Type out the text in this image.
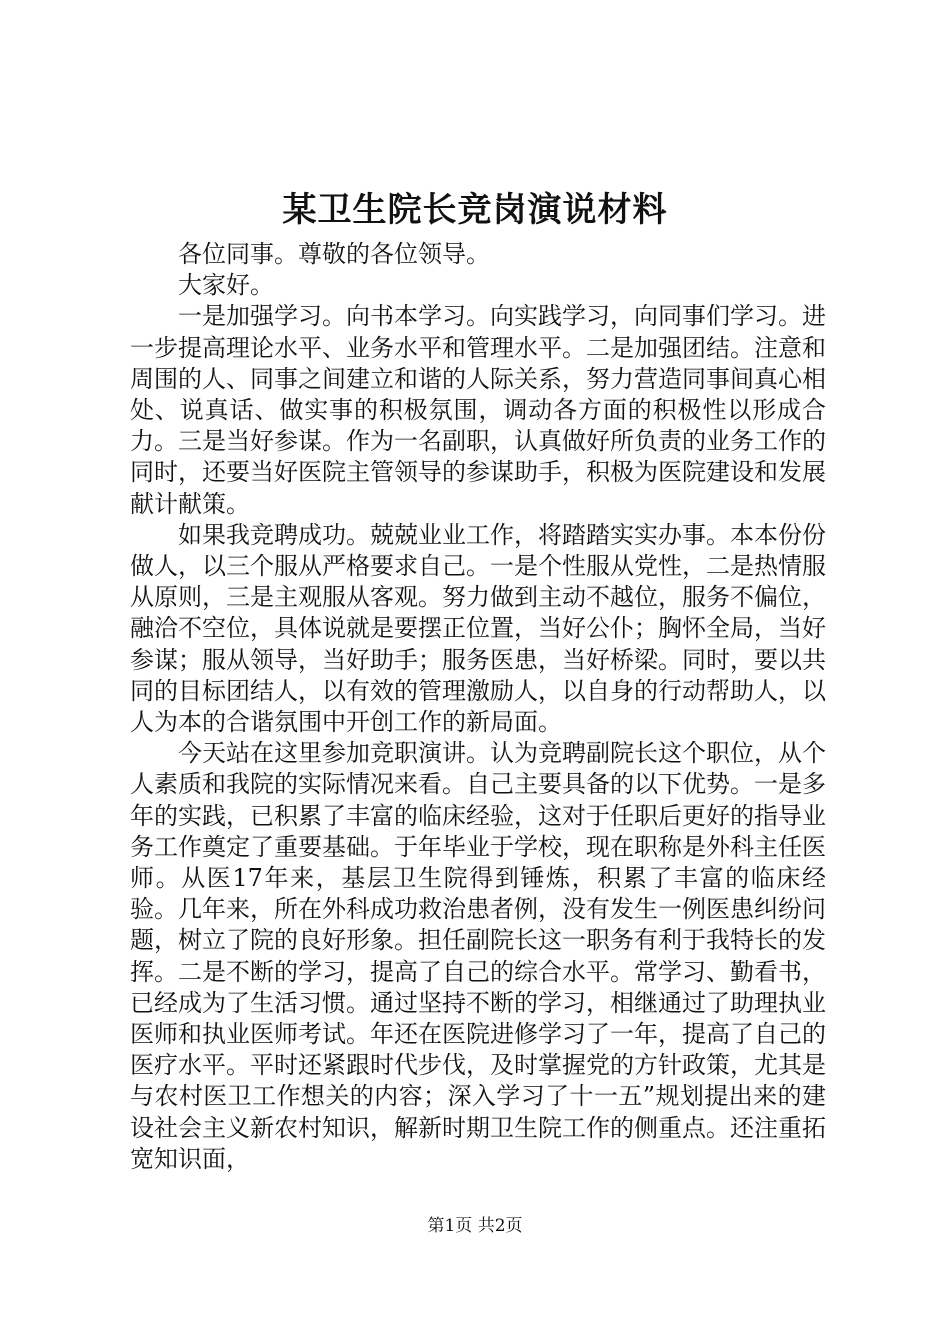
某卫生院长竞岗演说材料

各位同事。尊敬的各位领导。

大家好。

一是加强学习。向书本学习。向实践学习，向同事们学习。进一步提高理论水平、业务水平和管理水平。二是加强团结。注意和周围的人、同事之间建立和谐的人际关系，努力营造同事间真心相处、说真话、做实事的积极氛围，调动各方面的积极性以形成合力。三是当好参谋。作为一名副职，认真做好所负责的业务工作的同时，还要当好医院主管领导的参谋助手，积极为医院建设和发展献计献策。

如果我竞聘成功。兢兢业业工作，将踏踏实实办事。本本份份做人，以三个服从严格要求自己。一是个性服从党性，二是热情服从原则，三是主观服从客观。努力做到主动不越位，服务不偏位，融洽不空位，具体说就是要摆正位置，当好公仆；胸怀全局，当好参谋；服从领导，当好助手；服务医患，当好桥梁。同时，要以共同的目标团结人，以有效的管理激励人，以自身的行动帮助人，以人为本的合谐氛围中开创工作的新局面。

今天站在这里参加竞职演讲。认为竞聘副院长这个职位，从个人素质和我院的实际情况来看。自己主要具备的以下优势。一是多年的实践，已积累了丰富的临床经验，这对于任职后更好的指导业务工作奠定了重要基础。于年毕业于学校，现在职称是外科主任医师。从医17年来，基层卫生院得到锤炼，积累了丰富的临床经验。几年来，所在外科成功救治患者例，没有发生一例医患纠纷问题，树立了院的良好形象。担任副院长这一职务有利于我特长的发挥。二是不断的学习，提高了自己的综合水平。常学习、勤看书，已经成为了生活习惯。通过坚持不断的学习，相继通过了助理执业医师和执业医师考试。年还在医院进修学习了一年，提高了自己的医疗水平。平时还紧跟时代步伐，及时掌握党的方针政策，尤其是与农村医卫工作想关的内容；深入学习了十一五”规划提出来的建设社会主义新农村知识，解新时期卫生院工作的侧重点。还注重拓宽知识面，

第1页 共2页
